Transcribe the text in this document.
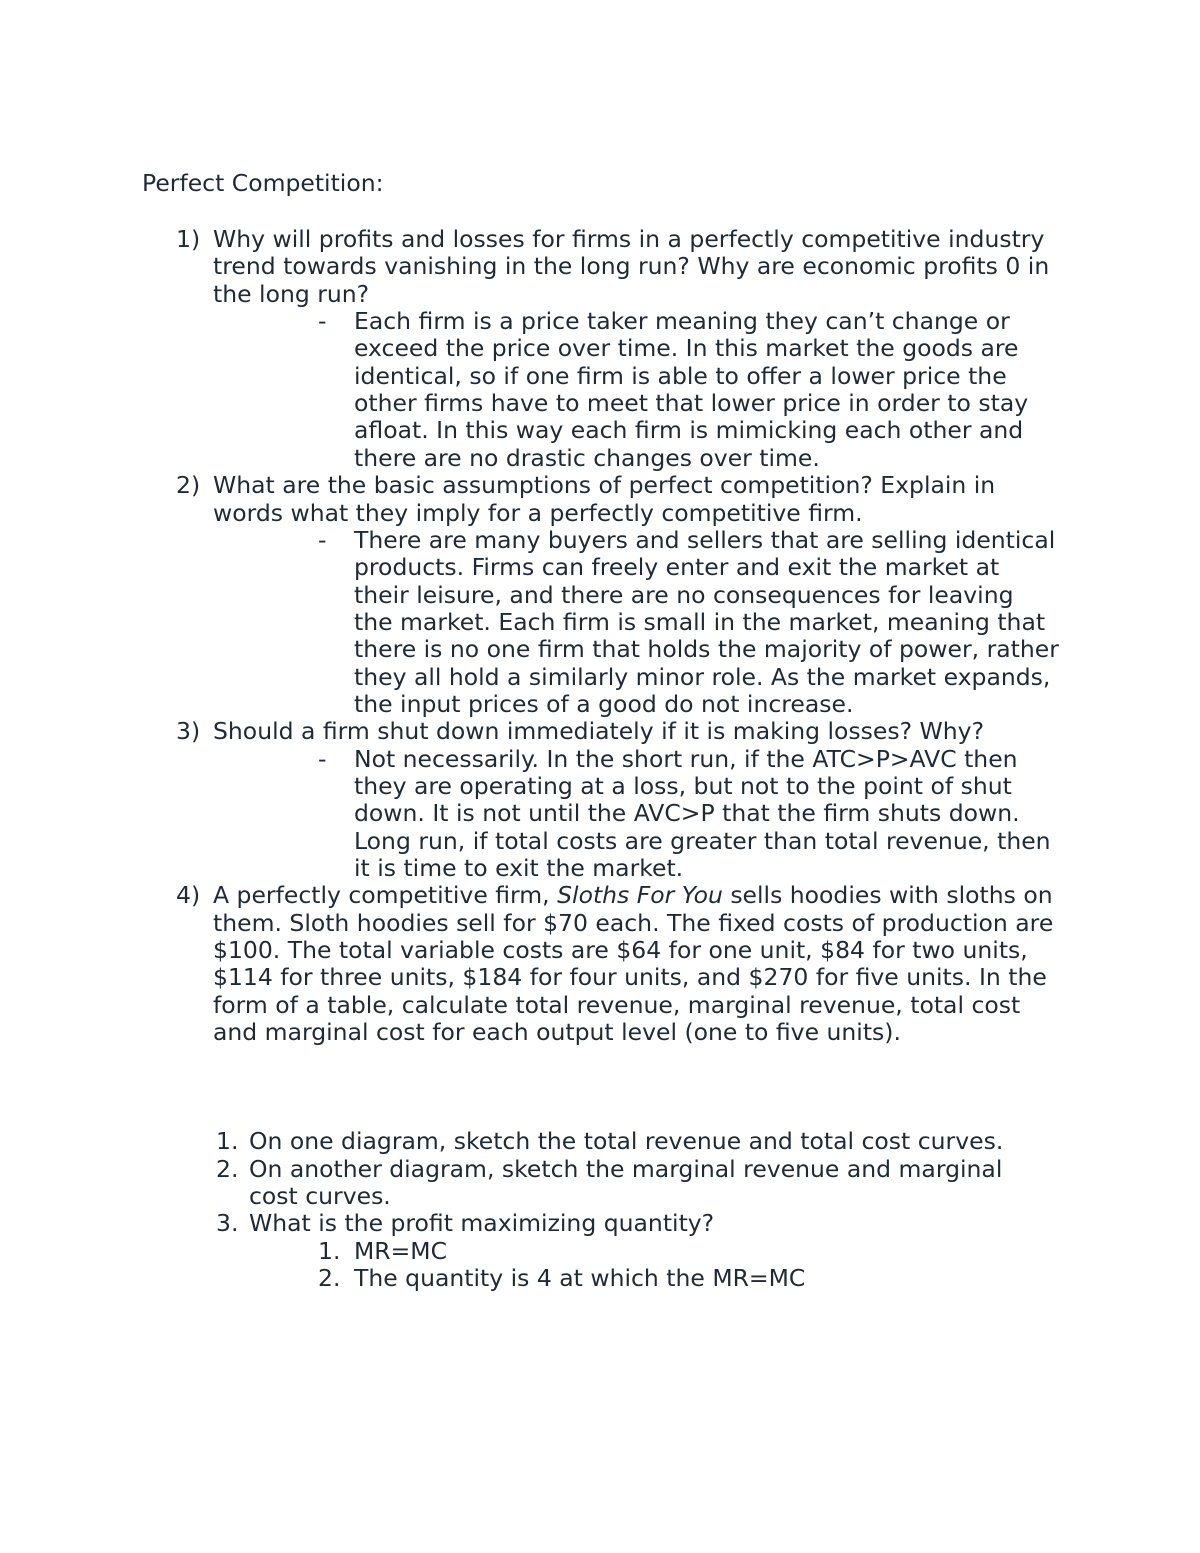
Perfect Competition:
1) Why will profits and losses for firms in a perfectly competitive industry
trend towards vanishing in the long run? Why are economic profits 0 in
the long run?
- Each firm is a price taker meaning they can’t change or
exceed the price over time. In this market the goods are
identical, so if one firm is able to offer a lower price the
other firms have to meet that lower price in order to stay
afloat. In this way each firm is mimicking each other and
there are no drastic changes over time.
2) What are the basic assumptions of perfect competition? Explain in
words what they imply for a perfectly competitive firm.
- There are many buyers and sellers that are selling identical
products. Firms can freely enter and exit the market at
their leisure, and there are no consequences for leaving
the market. Each firm is small in the market, meaning that
there is no one firm that holds the majority of power, rather
they all hold a similarly minor role. As the market expands,
the input prices of a good do not increase.
3) Should a firm shut down immediately if it is making losses? Why?
- Not necessarily. In the short run, if the ATC>P>AVC then
they are operating at a loss, but not to the point of shut
down. It is not until the AVC>P that the firm shuts down.
Long run, if total costs are greater than total revenue, then
it is time to exit the market.
4) A perfectly competitive firm, Sloths For You sells hoodies with sloths on
them. Sloth hoodies sell for $70 each. The fixed costs of production are
$100. The total variable costs are $64 for one unit, $84 for two units,
$114 for three units, $184 for four units, and $270 for five units. In the
form of a table, calculate total revenue, marginal revenue, total cost
and marginal cost for each output level (one to five units).
1. On one diagram, sketch the total revenue and total cost curves.
2. On another diagram, sketch the marginal revenue and marginal
cost curves.
3. What is the profit maximizing quantity?
1. MR=MC
2. The quantity is 4 at which the MR=MC
